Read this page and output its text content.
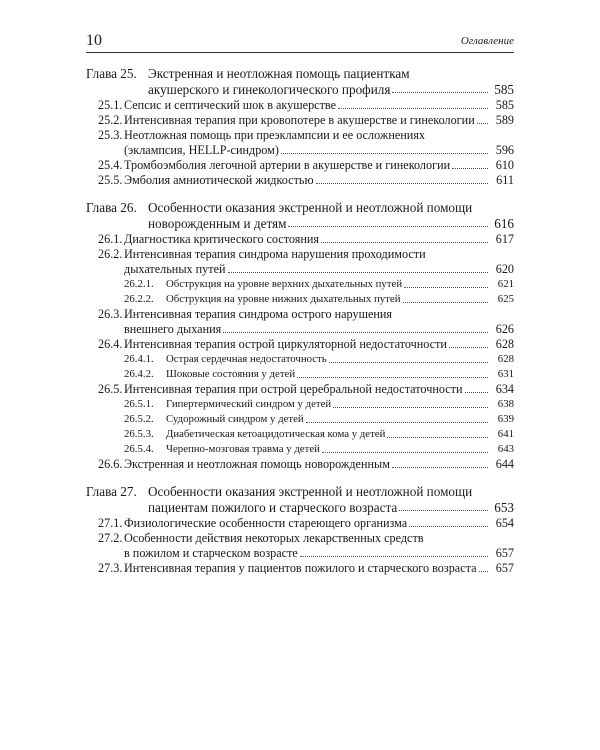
10	Оглавление
Глава 25. Экстренная и неотложная помощь пациенткам
акушерского и гинекологического профиля	585
25.1. Сепсис и септический шок в акушерстве	585
25.2. Интенсивная терапия при кровопотере в акушерстве и гинекологии 589
25.3. Неотложная помощь при преэклампсии и ее осложнениях
(эклампсия, HELLP-синдром)	596
25.4. Тромбоэмболия легочной артерии в акушерстве и гинекологии	610
25.5. Эмболия амниотической жидкостью	611
Глава 26. Особенности оказания экстренной и неотложной помощи
новорожденным и детям	616
26.1. Диагностика критического состояния	617
26.2. Интенсивная терапия синдрома нарушения проходимости
дыхательных путей	620
26.2.1. Обструкция на уровне верхних дыхательных путей	621
26.2.2. Обструкция на уровне нижних дыхательных путей	625
26.3. Интенсивная терапия синдрома острого нарушения
внешнего дыхания	626
26.4. Интенсивная терапия острой циркуляторной недостаточности	628
26.4.1. Острая сердечная недостаточность	628
26.4.2. Шоковые состояния у детей	631
26.5. Интенсивная терапия при острой церебральной недостаточности	634
26.5.1. Гипертермический синдром у детей	638
26.5.2. Судорожный синдром у детей	639
26.5.3. Диабетическая кетоацидотическая кома у детей	641
26.5.4. Черепно-мозговая травма у детей	643
26.6. Экстренная и неотложная помощь новорожденным	644
Глава 27. Особенности оказания экстренной и неотложной помощи
пациентам пожилого и старческого возраста	653
27.1. Физиологические особенности стареющего организма	654
27.2. Особенности действия некоторых лекарственных средств
в пожилом и старческом возрасте	657
27.3. Интенсивная терапия у пациентов пожилого и старческого возраста 657
